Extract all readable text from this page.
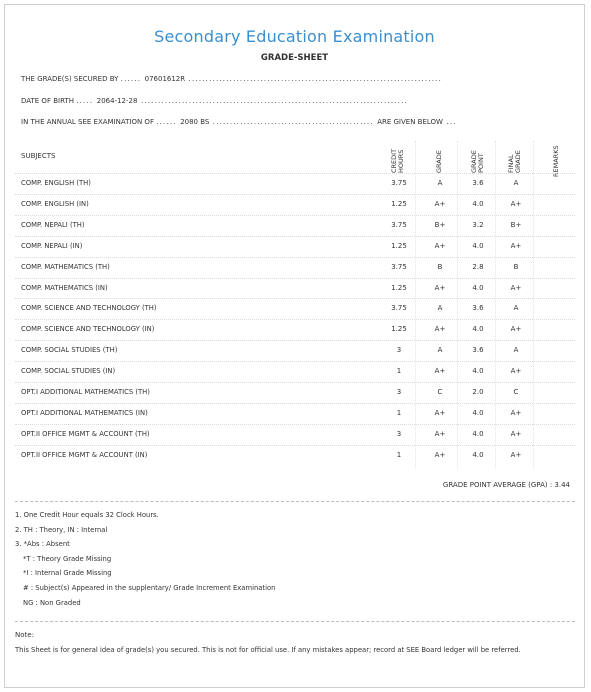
Secondary Education Examination
GRADE-SHEET
THE GRADE(S) SECURED BY ...... 07601612R ..........................................................................
DATE OF BIRTH ..... 2064-12-28 ..............................................................................
IN THE ANNUAL SEE EXAMINATION OF ...... 2080 BS ............................................... ARE GIVEN BELOW ...
SUBJECTS	CREDIT HOURS	GRADE	GRADE POINT	FINAL GRADE	REMARKS
COMP. ENGLISH (TH)	3.75	A	3.6	A
COMP. ENGLISH (IN)	1.25	A+	4.0	A+
COMP. NEPALI (TH)	3.75	B+	3.2	B+
COMP. NEPALI (IN)	1.25	A+	4.0	A+
COMP. MATHEMATICS (TH)	3.75	B	2.8	B
COMP. MATHEMATICS (IN)	1.25	A+	4.0	A+
COMP. SCIENCE AND TECHNOLOGY (TH)	3.75	A	3.6	A
COMP. SCIENCE AND TECHNOLOGY (IN)	1.25	A+	4.0	A+
COMP. SOCIAL STUDIES (TH)	3	A	3.6	A
COMP. SOCIAL STUDIES (IN)	1	A+	4.0	A+
OPT.I ADDITIONAL MATHEMATICS (TH)	3	C	2.0	C
OPT.I ADDITIONAL MATHEMATICS (IN)	1	A+	4.0	A+
OPT.II OFFICE MGMT & ACCOUNT (TH)	3	A+	4.0	A+
OPT.II OFFICE MGMT & ACCOUNT (IN)	1	A+	4.0	A+
GRADE POINT AVERAGE (GPA) : 3.44
1. One Credit Hour equals 32 Clock Hours.
2. TH : Theory, IN : Internal
3. *Abs : Absent
*T : Theory Grade Missing
*I : Internal Grade Missing
# : Subject(s) Appeared in the supplentary/ Grade Increment Examination
NG : Non Graded
Note:
This Sheet is for general idea of grade(s) you secured. This is not for official use. If any mistakes appear; record at SEE Board ledger will be referred.
